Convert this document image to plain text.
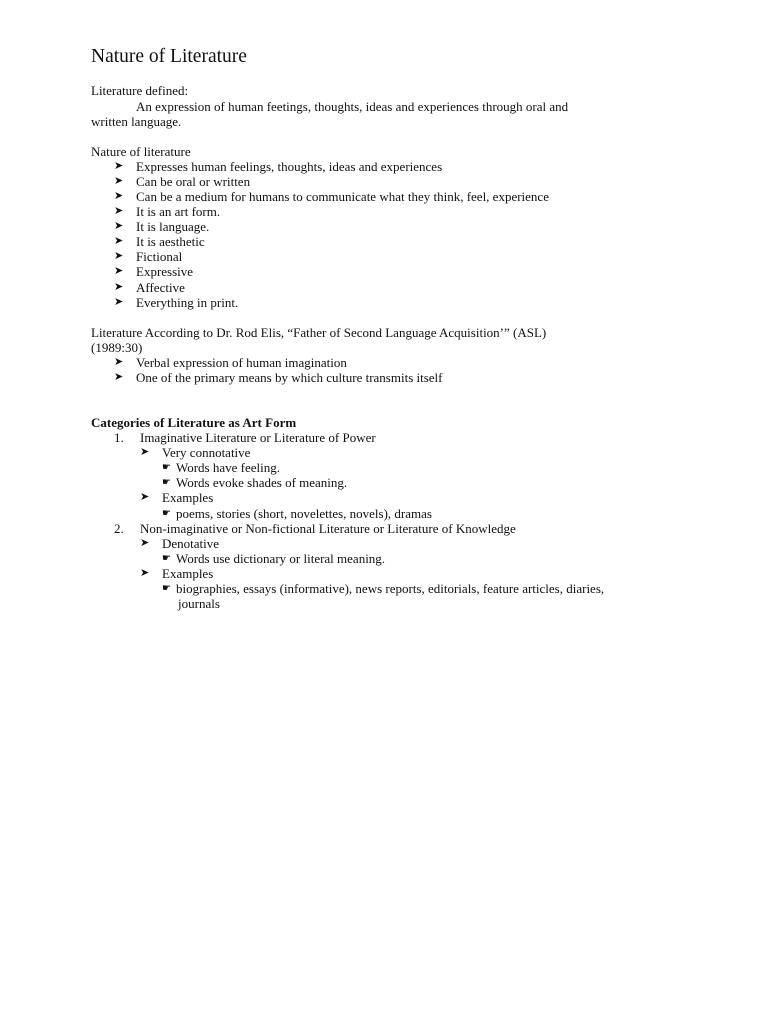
Nature of Literature
Literature defined:
An expression of human feetings, thoughts, ideas and experiences through oral and
written language.
Nature of literature
➤ Expresses human feelings, thoughts, ideas and experiences
➤ Can be oral or written
➤ Can be a medium for humans to communicate what they think, feel, experience
➤ It is an art form.
➤ It is language.
➤ It is aesthetic
➤ Fictional
➤ Expressive
➤ Affective
➤ Everything in print.
Literature According to Dr. Rod Elis, “Father of Second Language Acquisition’” (ASL)
(1989:30)
➤ Verbal expression of human imagination
➤ One of the primary means by which culture transmits itself
Categories of Literature as Art Form
1. Imaginative Literature or Literature of Power
➤ Very connotative
☛ Words have feeling.
☛ Words evoke shades of meaning.
➤ Examples
☛ poems, stories (short, novelettes, novels), dramas
2. Non-imaginative or Non-fictional Literature or Literature of Knowledge
➤ Denotative
☛ Words use dictionary or literal meaning.
➤ Examples
☛ biographies, essays (informative), news reports, editorials, feature articles, diaries,
journals
